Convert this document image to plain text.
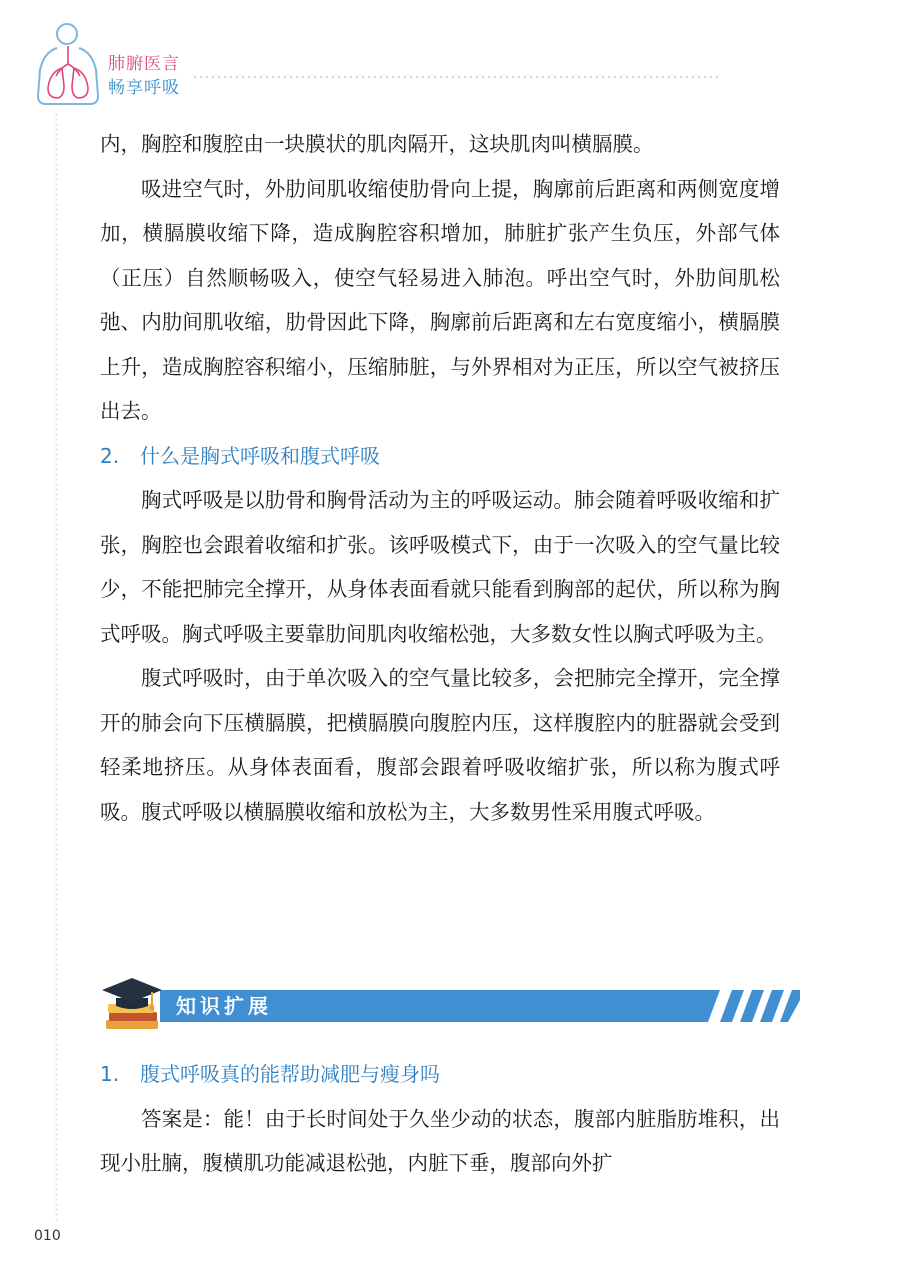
肺腑医言
畅享呼吸

内，胸腔和腹腔由一块膜状的肌肉隔开，这块肌肉叫横膈膜。

吸进空气时，外肋间肌收缩使肋骨向上提，胸廓前后距离和两侧宽度增加，横膈膜收缩下降，造成胸腔容积增加，肺脏扩张产生负压，外部气体（正压）自然顺畅吸入，使空气轻易进入肺泡。呼出空气时，外肋间肌松弛、内肋间肌收缩，肋骨因此下降，胸廓前后距离和左右宽度缩小，横膈膜上升，造成胸腔容积缩小，压缩肺脏，与外界相对为正压，所以空气被挤压出去。

2. 什么是胸式呼吸和腹式呼吸

胸式呼吸是以肋骨和胸骨活动为主的呼吸运动。肺会随着呼吸收缩和扩张，胸腔也会跟着收缩和扩张。该呼吸模式下，由于一次吸入的空气量比较少，不能把肺完全撑开，从身体表面看就只能看到胸部的起伏，所以称为胸式呼吸。胸式呼吸主要靠肋间肌肉收缩松弛，大多数女性以胸式呼吸为主。

腹式呼吸时，由于单次吸入的空气量比较多，会把肺完全撑开，完全撑开的肺会向下压横膈膜，把横膈膜向腹腔内压，这样腹腔内的脏器就会受到轻柔地挤压。从身体表面看，腹部会跟着呼吸收缩扩张，所以称为腹式呼吸。腹式呼吸以横膈膜收缩和放松为主，大多数男性采用腹式呼吸。

知识扩展

1. 腹式呼吸真的能帮助减肥与瘦身吗

答案是：能！由于长时间处于久坐少动的状态，腹部内脏脂肪堆积，出现小肚腩，腹横肌功能减退松弛，内脏下垂，腹部向外扩

010
